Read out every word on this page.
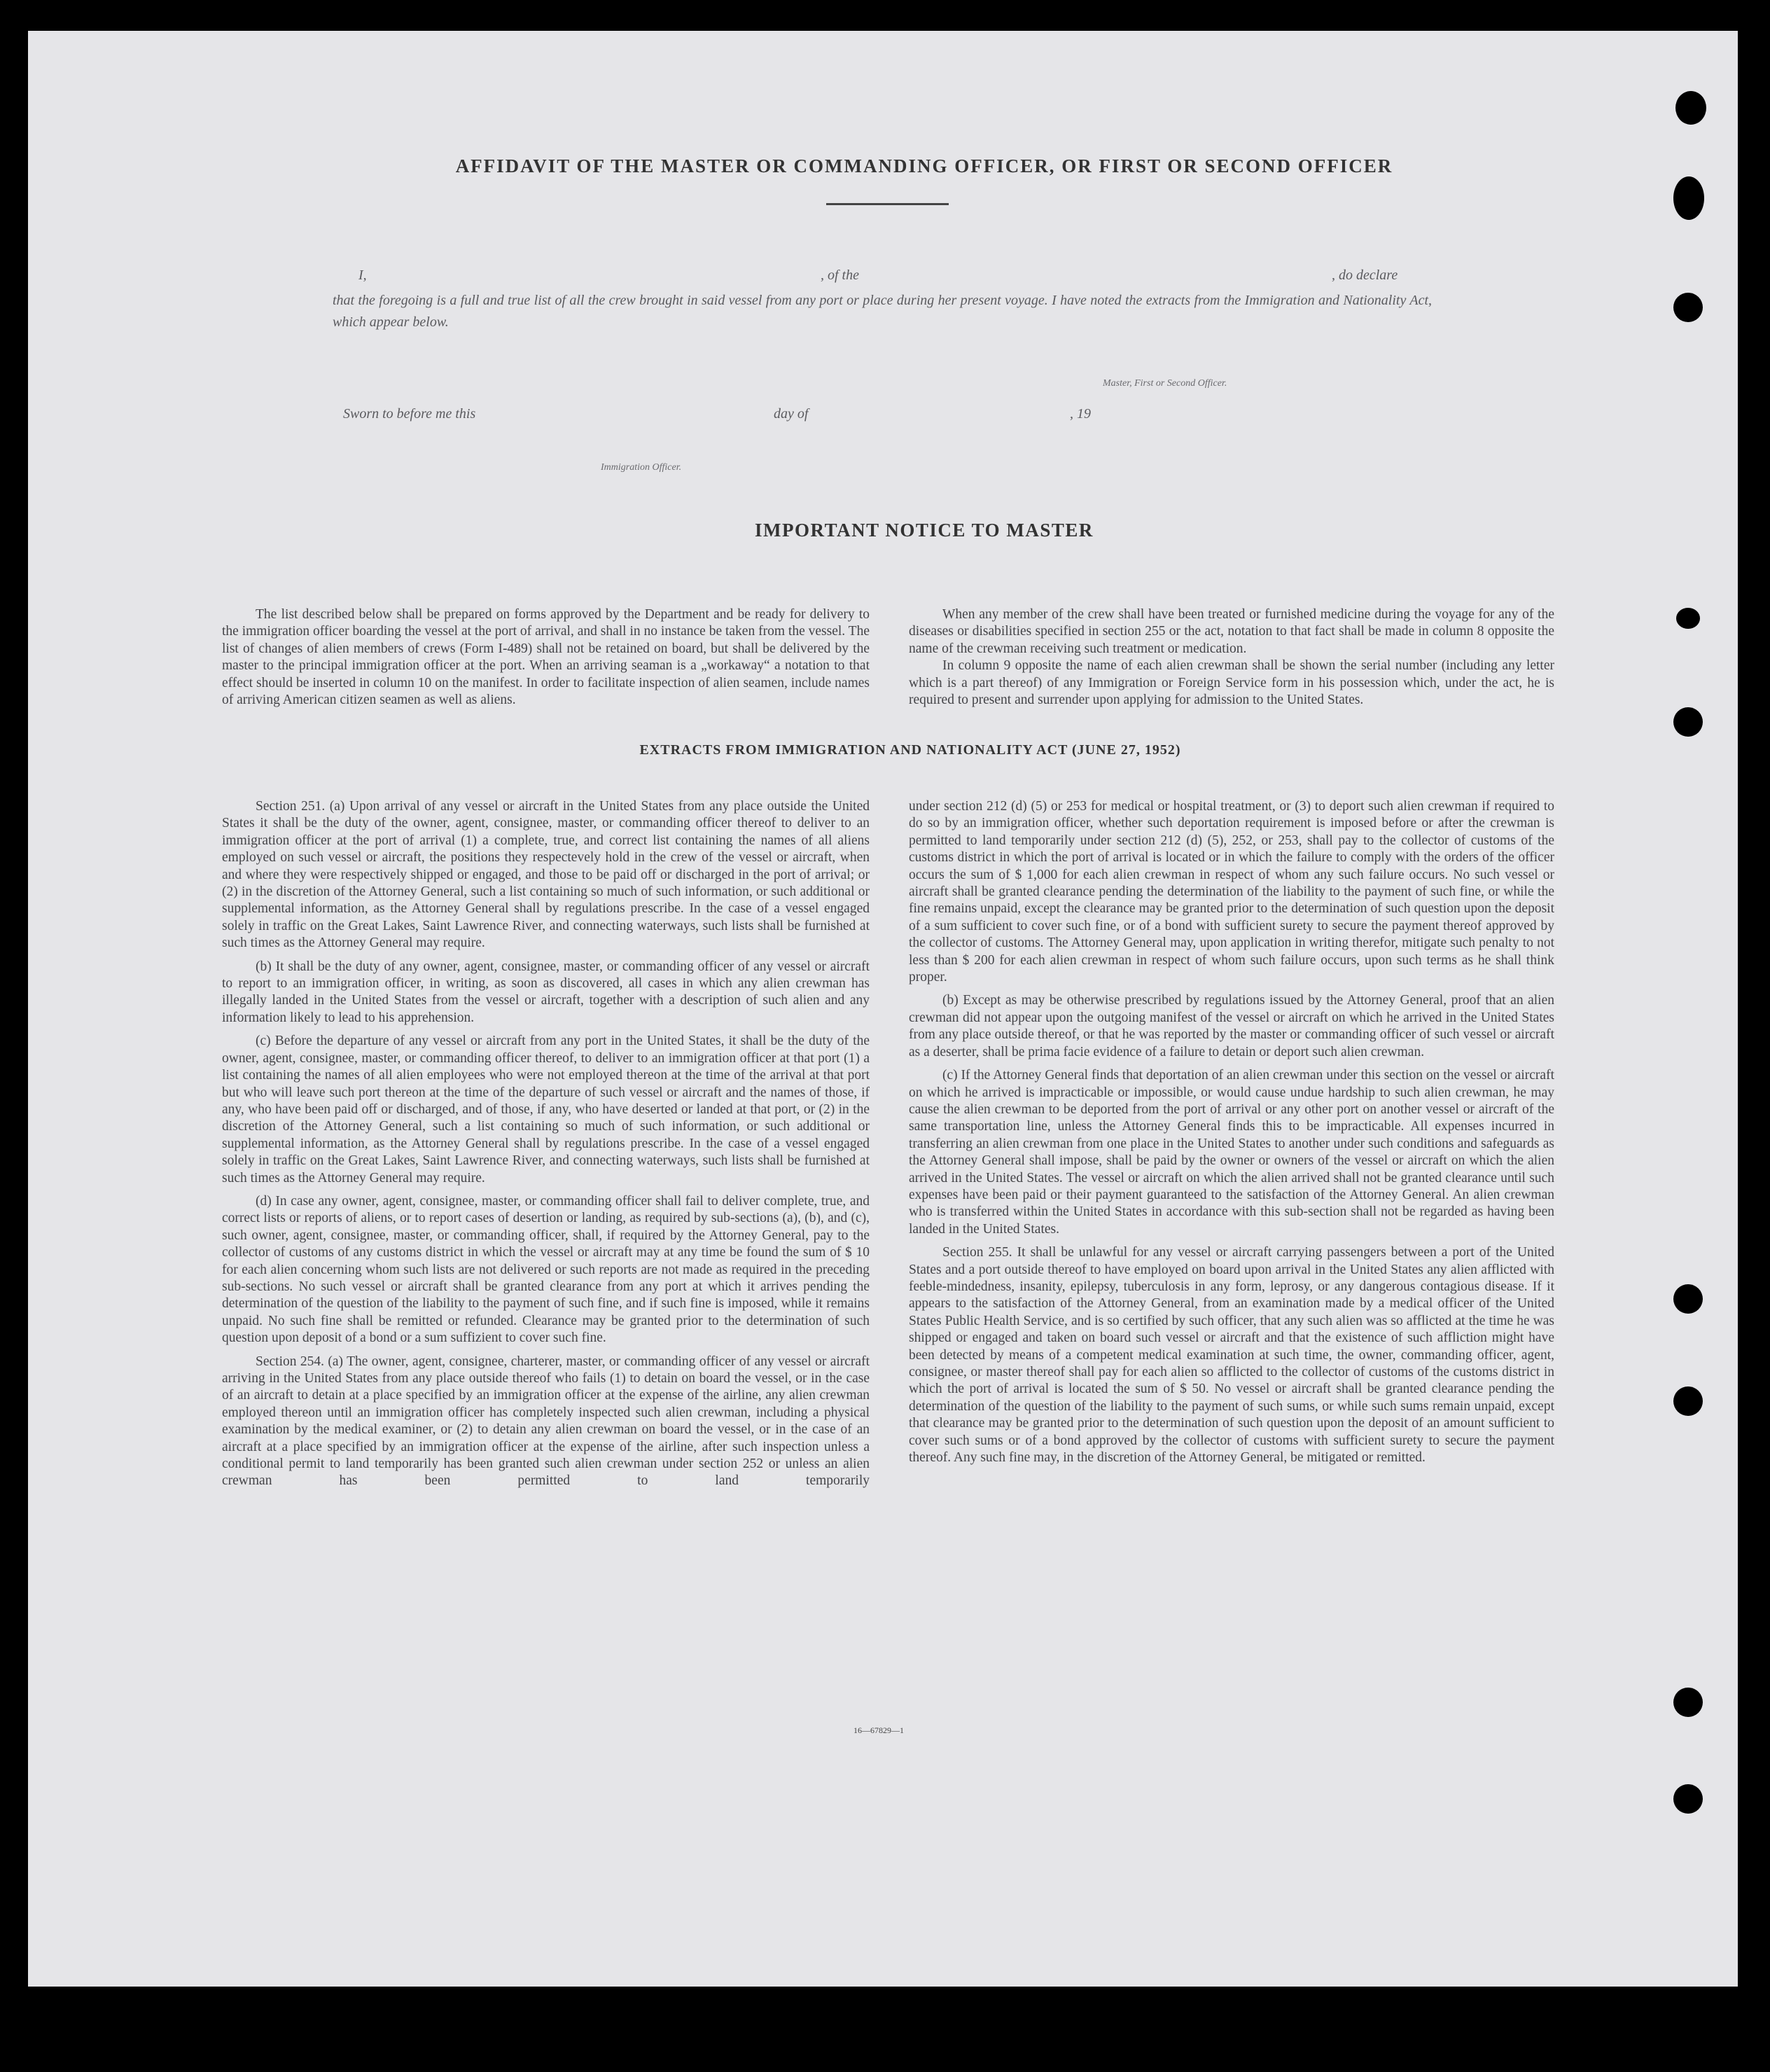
AFFIDAVIT OF THE MASTER OR COMMANDING OFFICER, OR FIRST OR SECOND OFFICER
I,	, of the	, do declare
that the foregoing is a full and true list of all the crew brought in said vessel from any port or place during her present voyage. I have noted the extracts from the Immigration and Nationality Act, which appear below.
Master, First or Second Officer.
Sworn to before me this	day of	, 19
Immigration Officer.
IMPORTANT NOTICE TO MASTER

The list described below shall be prepared on forms approved by the Department and be ready for delivery to the immigration officer boarding the vessel at the port of arrival, and shall in no instance be taken from the vessel. The list of changes of alien members of crews (Form I-489) shall not be retained on board, but shall be delivered by the master to the principal immigration officer at the port. When an arriving seaman is a „workaway“ a notation to that effect should be inserted in column 10 on the manifest. In order to facilitate inspection of alien seamen, include names of arriving American citizen seamen as well as aliens.

When any member of the crew shall have been treated or furnished medicine during the voyage for any of the diseases or disabilities specified in section 255 or the act, notation to that fact shall be made in column 8 opposite the name of the crewman receiving such treatment or medication.

In column 9 opposite the name of each alien crewman shall be shown the serial number (including any letter which is a part thereof) of any Immigration or Foreign Service form in his possession which, under the act, he is required to present and surrender upon applying for admission to the United States.

EXTRACTS FROM IMMIGRATION AND NATIONALITY ACT (JUNE 27, 1952)

Section 251. (a) Upon arrival of any vessel or aircraft in the United States from any place outside the United States it shall be the duty of the owner, agent, consignee, master, or commanding officer thereof to deliver to an immigration officer at the port of arrival (1) a complete, true, and correct list containing the names of all aliens employed on such vessel or aircraft, the positions they respectevely hold in the crew of the vessel or aircraft, when and where they were respectively shipped or engaged, and those to be paid off or discharged in the port of arrival; or (2) in the discretion of the Attorney General, such a list containing so much of such information, or such additional or supplemental information, as the Attorney General shall by regulations prescribe. In the case of a vessel engaged solely in traffic on the Great Lakes, Saint Lawrence River, and connecting waterways, such lists shall be furnished at such times as the Attorney General may require.

(b) It shall be the duty of any owner, agent, consignee, master, or commanding officer of any vessel or aircraft to report to an immigration officer, in writing, as soon as discovered, all cases in which any alien crewman has illegally landed in the United States from the vessel or aircraft, together with a description of such alien and any information likely to lead to his apprehension.

(c) Before the departure of any vessel or aircraft from any port in the United States, it shall be the duty of the owner, agent, consignee, master, or commanding officer thereof, to deliver to an immigration officer at that port (1) a list containing the names of all alien employees who were not employed thereon at the time of the arrival at that port but who will leave such port thereon at the time of the departure of such vessel or aircraft and the names of those, if any, who have been paid off or discharged, and of those, if any, who have deserted or landed at that port, or (2) in the discretion of the Attorney General, such a list containing so much of such information, or such additional or supplemental information, as the Attorney General shall by regulations prescribe. In the case of a vessel engaged solely in traffic on the Great Lakes, Saint Lawrence River, and connecting waterways, such lists shall be furnished at such times as the Attorney General may require.

(d) In case any owner, agent, consignee, master, or commanding officer shall fail to deliver complete, true, and correct lists or reports of aliens, or to report cases of desertion or landing, as required by sub-sections (a), (b), and (c), such owner, agent, consignee, master, or commanding officer, shall, if required by the Attorney General, pay to the collector of customs of any customs district in which the vessel or aircraft may at any time be found the sum of $ 10 for each alien concerning whom such lists are not delivered or such reports are not made as required in the preceding sub-sections. No such vessel or aircraft shall be granted clearance from any port at which it arrives pending the determination of the question of the liability to the payment of such fine, and if such fine is imposed, while it remains unpaid. No such fine shall be remitted or refunded. Clearance may be granted prior to the determination of such question upon deposit of a bond or a sum suffizient to cover such fine.

Section 254. (a) The owner, agent, consignee, charterer, master, or commanding officer of any vessel or aircraft arriving in the United States from any place outside thereof who fails (1) to detain on board the vessel, or in the case of an aircraft to detain at a place specified by an immigration officer at the expense of the airline, any alien crewman employed thereon until an immigration officer has completely inspected such alien crewman, including a physical examination by the medical examiner, or (2) to detain any alien crewman on board the vessel, or in the case of an aircraft at a place specified by an immigration officer at the expense of the airline, after such inspection unless a conditional permit to land temporarily has been granted such alien crewman under section 252 or unless an alien crewman has been permitted to land temporarily

under section 212 (d) (5) or 253 for medical or hospital treatment, or (3) to deport such alien crewman if required to do so by an immigration officer, whether such deportation requirement is imposed before or after the crewman is permitted to land temporarily under section 212 (d) (5), 252, or 253, shall pay to the collector of customs of the customs district in which the port of arrival is located or in which the failure to comply with the orders of the officer occurs the sum of $ 1,000 for each alien crewman in respect of whom any such failure occurs. No such vessel or aircraft shall be granted clearance pending the determination of the liability to the payment of such fine, or while the fine remains unpaid, except the clearance may be granted prior to the determination of such question upon the deposit of a sum sufficient to cover such fine, or of a bond with sufficient surety to secure the payment thereof approved by the collector of customs. The Attorney General may, upon application in writing therefor, mitigate such penalty to not less than $ 200 for each alien crewman in respect of whom such failure occurs, upon such terms as he shall think proper.

(b) Except as may be otherwise prescribed by regulations issued by the Attorney General, proof that an alien crewman did not appear upon the outgoing manifest of the vessel or aircraft on which he arrived in the United States from any place outside thereof, or that he was reported by the master or commanding officer of such vessel or aircraft as a deserter, shall be prima facie evidence of a failure to detain or deport such alien crewman.

(c) If the Attorney General finds that deportation of an alien crewman under this section on the vessel or aircraft on which he arrived is impracticable or impossible, or would cause undue hardship to such alien crewman, he may cause the alien crewman to be deported from the port of arrival or any other port on another vessel or aircraft of the same transportation line, unless the Attorney General finds this to be impracticable. All expenses incurred in transferring an alien crewman from one place in the United States to another under such conditions and safeguards as the Attorney General shall impose, shall be paid by the owner or owners of the vessel or aircraft on which the alien arrived in the United States. The vessel or aircraft on which the alien arrived shall not be granted clearance until such expenses have been paid or their payment guaranteed to the satisfaction of the Attorney General. An alien crewman who is transferred within the United States in accordance with this sub-section shall not be regarded as having been landed in the United States.

Section 255. It shall be unlawful for any vessel or aircraft carrying passengers between a port of the United States and a port outside thereof to have employed on board upon arrival in the United States any alien afflicted with feeble-mindedness, insanity, epilepsy, tuberculosis in any form, leprosy, or any dangerous contagious disease. If it appears to the satisfaction of the Attorney General, from an examination made by a medical officer of the United States Public Health Service, and is so certified by such officer, that any such alien was so afflicted at the time he was shipped or engaged and taken on board such vessel or aircraft and that the existence of such affliction might have been detected by means of a competent medical examination at such time, the owner, commanding officer, agent, consignee, or master thereof shall pay for each alien so afflicted to the collector of customs of the customs district in which the port of arrival is located the sum of $ 50. No vessel or aircraft shall be granted clearance pending the determination of the question of the liability to the payment of such sums, or while such sums remain unpaid, except that clearance may be granted prior to the determination of such question upon the deposit of an amount sufficient to cover such sums or of a bond approved by the collector of customs with sufficient surety to secure the payment thereof. Any such fine may, in the discretion of the Attorney General, be mitigated or remitted.

16—67829—1
